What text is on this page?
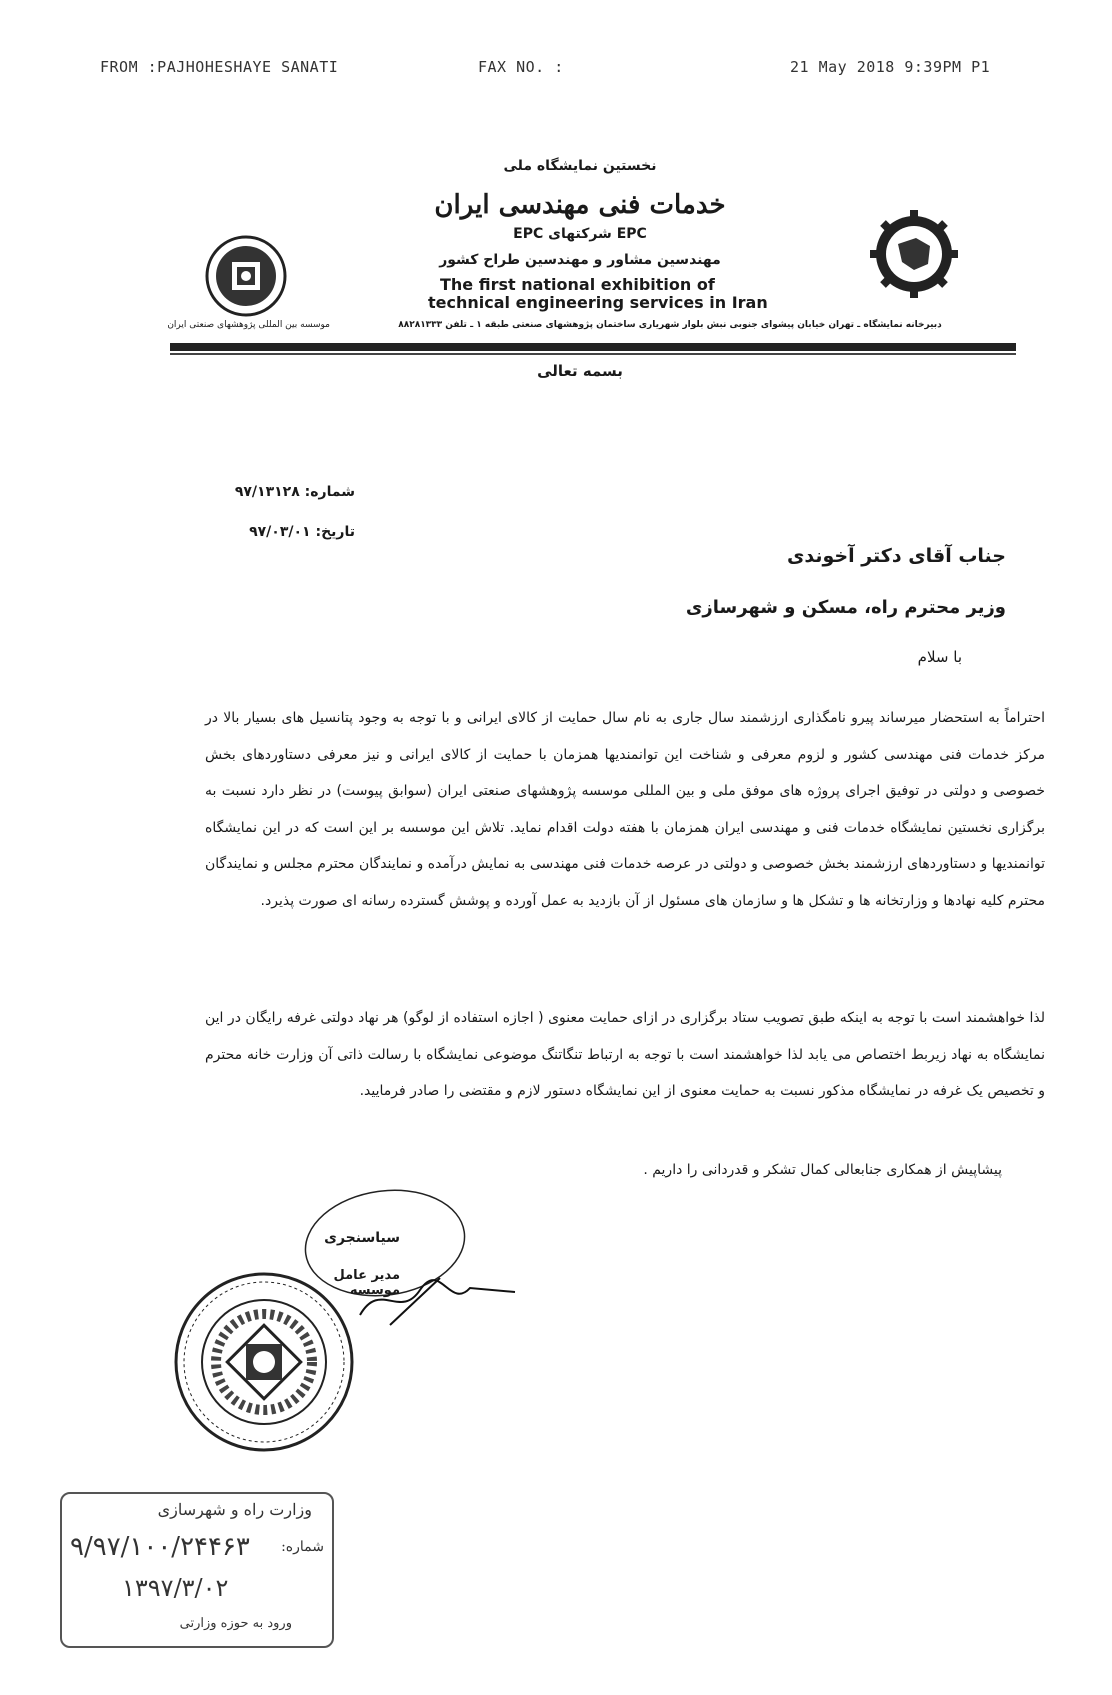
FROM :PAJHOHESHAYE SANATI	FAX NO. :	21 May 2018 9:39PM P1
نخستین نمایشگاه ملی
خدمات فنی مهندسی ایران
EPC شرکتهای EPC
مهندسین مشاور و مهندسین طراح کشور
The first national exhibition of
technical engineering services in Iran
موسسه بین المللی پژوهشهای صنعتی ایران	دبیرخانه نمایشگاه ـ تهران خیابان پیشوای جنوبی نبش بلوار شهریاری ساختمان پژوهشهای صنعتی طبقه ۱ ـ تلفن ۸۸۲۸۱۳۳۳
بسمه تعالی
شماره: ۹۷/۱۳۱۲۸
تاریخ: ۹۷/۰۳/۰۱
جناب آقای دکتر آخوندی
وزیر محترم راه، مسکن و شهرسازی
با سلام
احتراماً به استحضار میرساند پیرو نامگذاری ارزشمند سال جاری به نام سال حمایت از کالای ایرانی و با توجه به وجود پتانسیل های بسیار بالا در مرکز خدمات فنی مهندسی کشور و لزوم معرفی و شناخت این توانمندیها همزمان با حمایت از کالای ایرانی و نیز معرفی دستاوردهای بخش خصوصی و دولتی در توفیق اجرای پروژه های موفق ملی و بین المللی موسسه پژوهشهای صنعتی ایران (سوابق پیوست) در نظر دارد نسبت به برگزاری نخستین نمایشگاه خدمات فنی و مهندسی ایران همزمان با هفته دولت اقدام نماید. تلاش این موسسه بر این است که در این نمایشگاه توانمندیها و دستاوردهای ارزشمند بخش خصوصی و دولتی در عرصه خدمات فنی مهندسی به نمایش درآمده و نمایندگان محترم مجلس و نمایندگان محترم کلیه نهادها و وزارتخانه ها و تشکل ها و سازمان های مسئول از آن بازدید به عمل آورده و پوشش گسترده رسانه ای صورت پذیرد.
لذا خواهشمند است با توجه به اینکه طبق تصویب ستاد برگزاری در ازای حمایت معنوی ( اجازه استفاده از لوگو) هر نهاد دولتی غرفه رایگان در این نمایشگاه به نهاد زیربط اختصاص می یابد لذا خواهشمند است با توجه به ارتباط تنگاتنگ موضوعی نمایشگاه با رسالت ذاتی آن وزارت خانه محترم و تخصیص یک غرفه در نمایشگاه مذکور نسبت به حمایت معنوی از این نمایشگاه دستور لازم و مقتضی را صادر فرمایید.
پیشاپیش از همکاری جنابعالی کمال تشکر و قدردانی را داریم .
سیاسنجری
مدیر عامل موسسه
وزارت راه و شهرسازی
شماره:
۹/۹۷/۱۰۰/۲۴۴۶۳
۱۳۹۷/۳/۰۲
ورود به حوزه وزارتی
